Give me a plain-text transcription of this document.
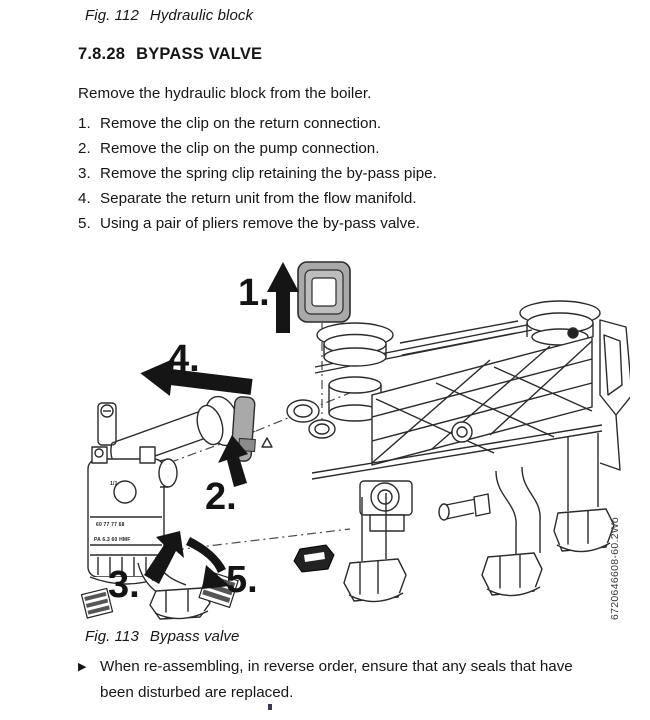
Fig. 112 Hydraulic block
7.8.28 BYPASS VALVE
Remove the hydraulic block from the boiler.
1. Remove the clip on the return connection.
2. Remove the clip on the pump connection.
3. Remove the spring clip retaining the by-pass pipe.
4. Separate the return unit from the flow manifold.
5. Using a pair of pliers remove the by-pass valve.
1/1
60 77 77 68
PA 6.3 60 HMF
1.
2.
3.
4.
5.	6720646608-60.2Wo
Fig. 113 Bypass valve
▶ When re-assembling, in reverse order, ensure that any seals that have been disturbed are replaced.
